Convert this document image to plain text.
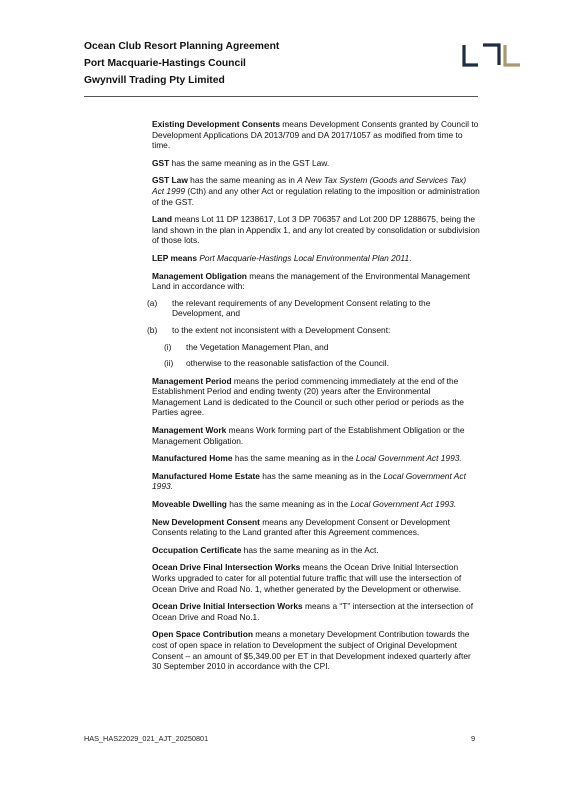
Ocean Club Resort Planning Agreement
Port Macquarie-Hastings Council
Gwynvill Trading Pty Limited

Existing Development Consents means Development Consents granted by Council to Development Applications DA 2013/709 and DA 2017/1057 as modified from time to time.

GST has the same meaning as in the GST Law.

GST Law has the same meaning as in A New Tax System (Goods and Services Tax) Act 1999 (Cth) and any other Act or regulation relating to the imposition or administration of the GST.

Land means Lot 11 DP 1238617, Lot 3 DP 706357 and Lot 200 DP 1288675, being the land shown in the plan in Appendix 1, and any lot created by consolidation or subdivision of those lots.

LEP means Port Macquarie-Hastings Local Environmental Plan 2011.

Management Obligation means the management of the Environmental Management Land in accordance with:

(a) the relevant requirements of any Development Consent relating to the Development, and
(b) to the extent not inconsistent with a Development Consent:
(i) the Vegetation Management Plan, and
(ii) otherwise to the reasonable satisfaction of the Council.

Management Period means the period commencing immediately at the end of the Establishment Period and ending twenty (20) years after the Environmental Management Land is dedicated to the Council or such other period or periods as the Parties agree.

Management Work means Work forming part of the Establishment Obligation or the Management Obligation.

Manufactured Home has the same meaning as in the Local Government Act 1993.

Manufactured Home Estate has the same meaning as in the Local Government Act 1993.

Moveable Dwelling has the same meaning as in the Local Government Act 1993.

New Development Consent means any Development Consent or Development Consents relating to the Land granted after this Agreement commences.

Occupation Certificate has the same meaning as in the Act.

Ocean Drive Final Intersection Works means the Ocean Drive Initial Intersection Works upgraded to cater for all potential future traffic that will use the intersection of Ocean Drive and Road No. 1, whether generated by the Development or otherwise.

Ocean Drive Initial Intersection Works means a “T” intersection at the intersection of Ocean Drive and Road No.1.

Open Space Contribution means a monetary Development Contribution towards the cost of open space in relation to Development the subject of Original Development Consent – an amount of $5,349.00 per ET in that Development indexed quarterly after 30 September 2010 in accordance with the CPI.

HAS_HAS22029_021_AJT_20250801	9
